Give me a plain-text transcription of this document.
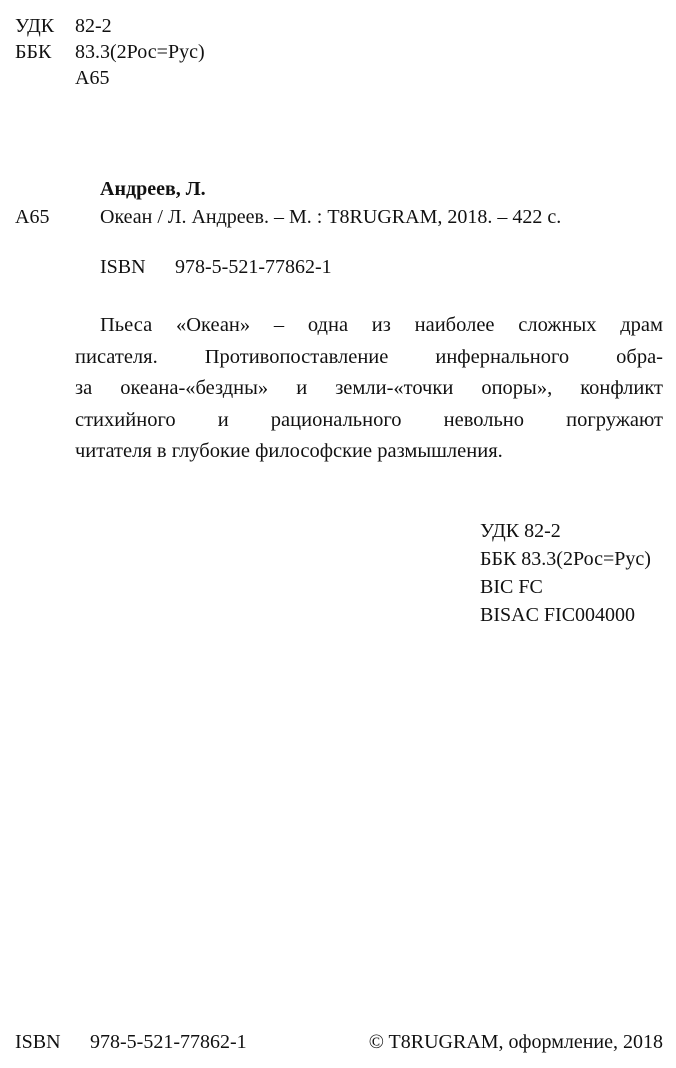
УДК 82-2
ББК 83.3(2Рос=Рус)
А65
Андреев, Л.
А65	Океан / Л. Андреев. – М. : T8RUGRAM, 2018. – 422 с.
ISBN 978-5-521-77862-1
Пьеса «Океан» – одна из наиболее сложных драм
писателя. Противопоставление инфернального обра-
за океана-«бездны» и земли-«точки опоры», конфликт
стихийного и рационального невольно погружают
читателя в глубокие философские размышления.
УДК 82-2
ББК 83.3(2Рос=Рус)
BIC FC
BISAC FIC004000
ISBN 978-5-521-77862-1	© T8RUGRAM, оформление, 2018
